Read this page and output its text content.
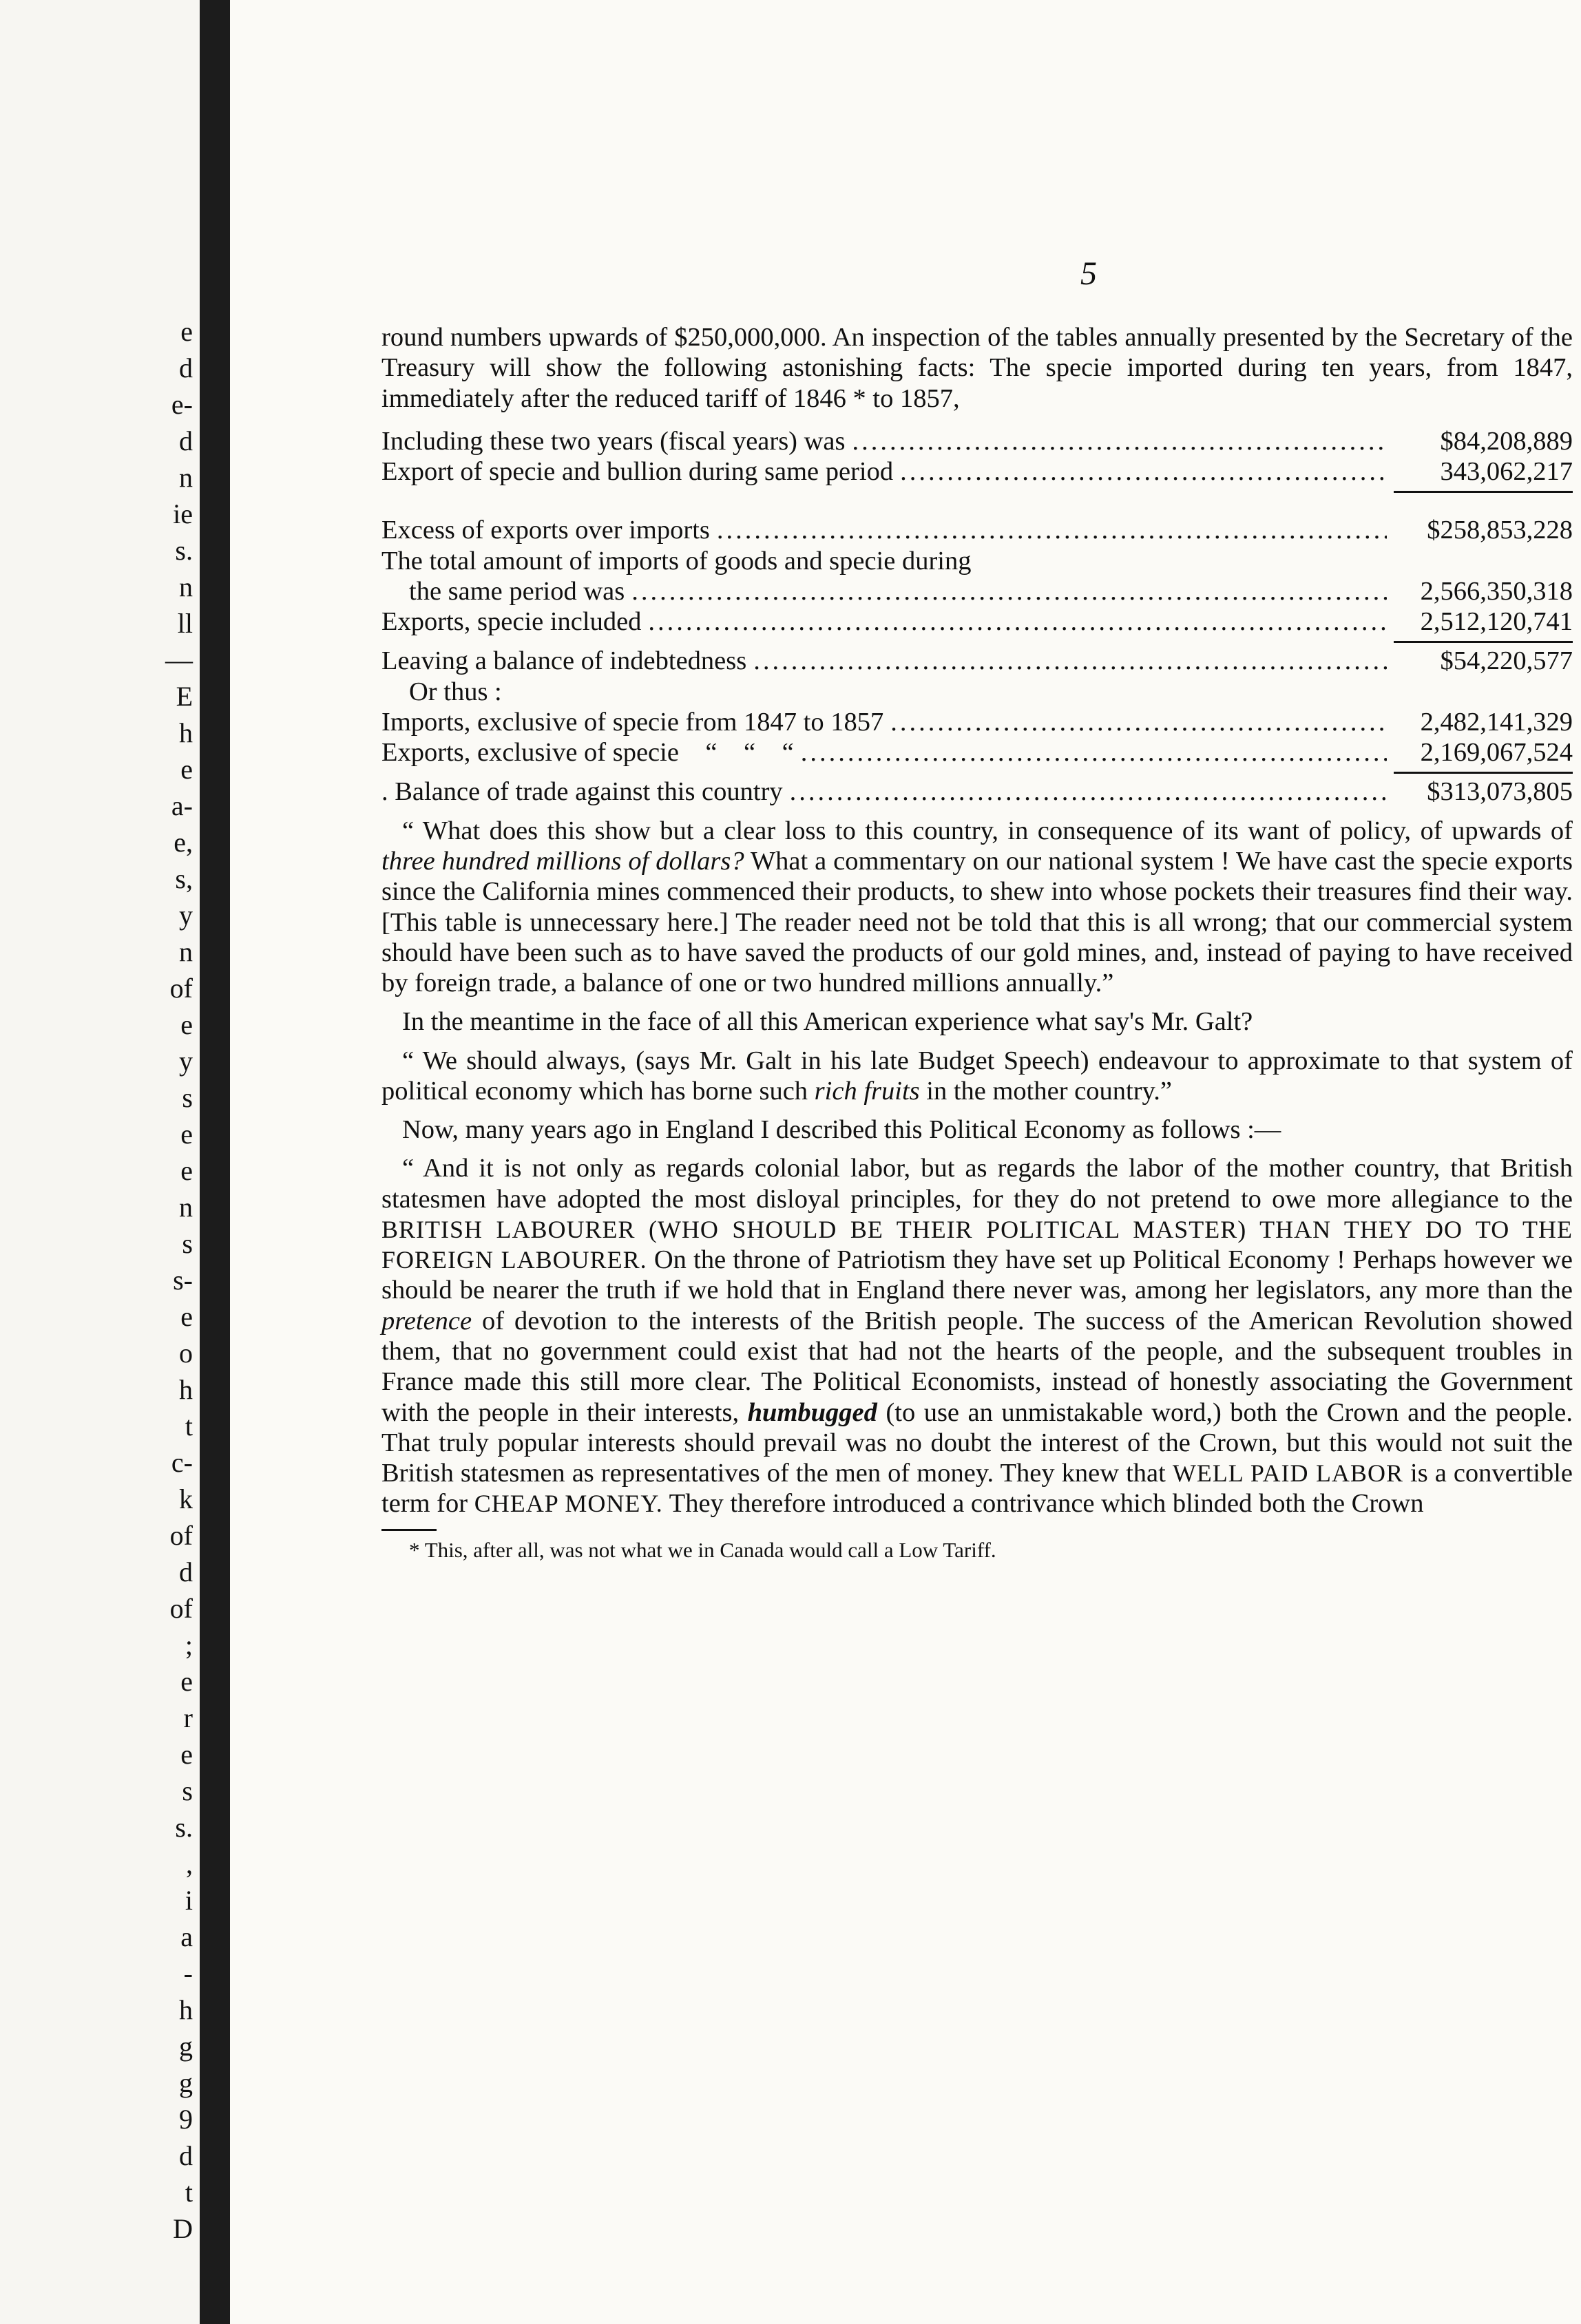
e
d
e-
d
n
ie
s.
n
ll
—
E
h
e
a-
e,
s,
y
n
of
e
y
s
e
e
n
s
s-
e
o
h
t
c-
k
of
d
of
;
e
r
e
s
s.
,
i
a
-
h
g
g
9
d
t
D
5

round numbers upwards of $250,000,000. An inspection of the tables annually presented by the Secretary of the Treasury will show the following astonishing facts: The specie imported during ten years, from 1847, immediately after the reduced tariff of 1846 * to 1857,

Including these two years (fiscal years) was .....	$84,208,889
Export of specie and bullion during same period .....	343,062,217
Excess of exports over imports .....	$258,853,228
The total amount of imports of goods and specie during
the same period was .....	2,566,350,318
Exports, specie included .....	2,512,120,741
Leaving a balance of indebtedness .....	$54,220,577
Or thus :
Imports, exclusive of specie from 1847 to 1857 .....	2,482,141,329
Exports, exclusive of specie    “    “    “ .....	2,169,067,524
. Balance of trade against this country .....	$313,073,805

“ What does this show but a clear loss to this country, in consequence of its want of policy, of upwards of three hundred millions of dollars? What a commentary on our national system ! We have cast the specie exports since the California mines commenced their products, to shew into whose pockets their treasures find their way. [This table is unnecessary here.] The reader need not be told that this is all wrong; that our commercial system should have been such as to have saved the products of our gold mines, and, instead of paying to have received by foreign trade, a balance of one or two hundred millions annually.”

In the meantime in the face of all this American experience what say's Mr. Galt?

“ We should always, (says Mr. Galt in his late Budget Speech) endeavour to approximate to that system of political economy which has borne such rich fruits in the mother country.”

Now, many years ago in England I described this Political Economy as follows :—

“ And it is not only as regards colonial labor, but as regards the labor of the mother country, that British statesmen have adopted the most disloyal principles, for they do not pretend to owe more allegiance to the BRITISH LABOURER (WHO SHOULD BE THEIR POLITICAL MASTER) THAN THEY DO TO THE FOREIGN LABOURER. On the throne of Patriotism they have set up Political Economy ! Perhaps however we should be nearer the truth if we hold that in England there never was, among her legislators, any more than the pretence of devotion to the interests of the British people. The success of the American Revolution showed them, that no government could exist that had not the hearts of the people, and the subsequent troubles in France made this still more clear. The Political Economists, instead of honestly associating the Government with the people in their interests, humbugged (to use an unmistakable word,) both the Crown and the people. That truly popular interests should prevail was no doubt the interest of the Crown, but this would not suit the British statesmen as representatives of the men of money. They knew that WELL PAID LABOR is a convertible term for CHEAP MONEY. They therefore introduced a contrivance which blinded both the Crown

* This, after all, was not what we in Canada would call a Low Tariff.
